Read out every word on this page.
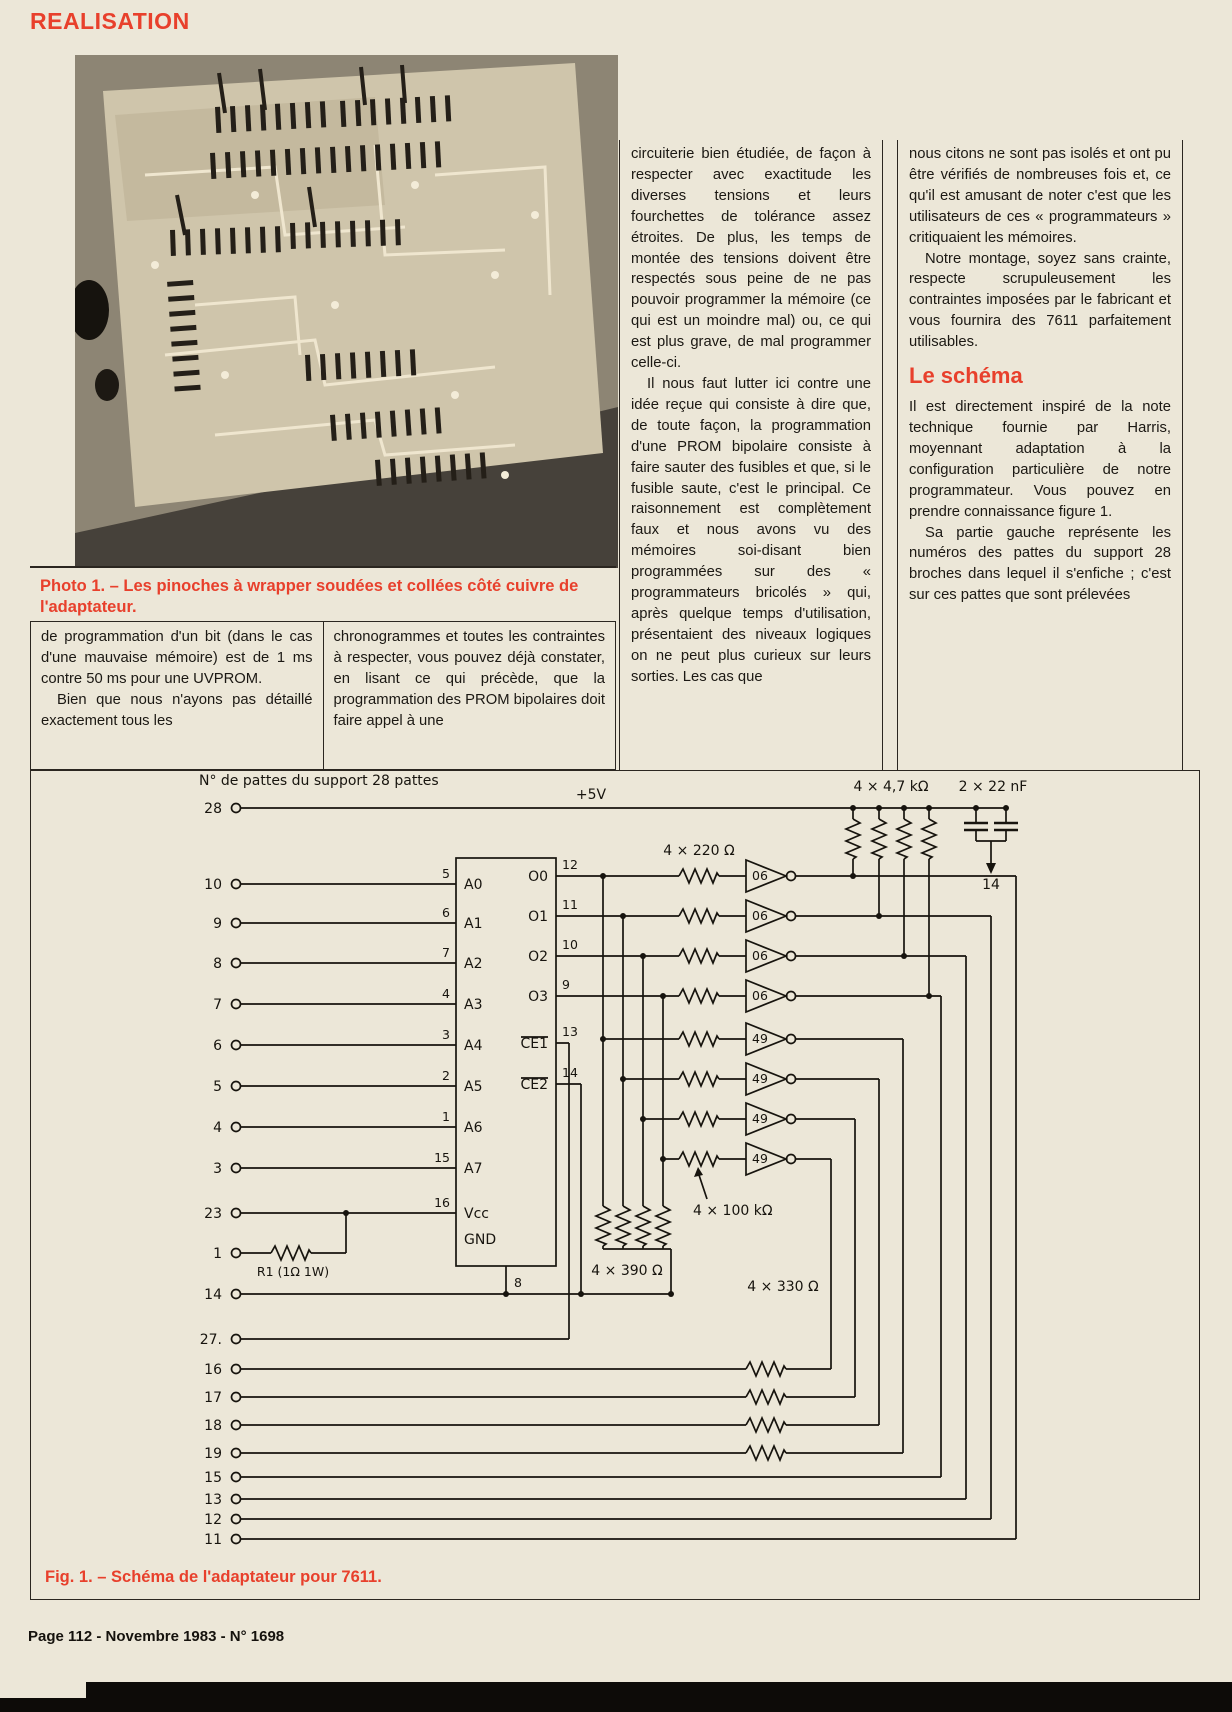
REALISATION
Photo 1. – Les pinoches à wrapper soudées et collées côté cuivre de l'adaptateur.

de programmation d'un bit (dans le cas d'une mauvaise mémoire) est de 1 ms contre 50 ms pour une UVPROM.

Bien que nous n'ayons pas détaillé exactement tous les

chronogrammes et toutes les contraintes à respecter, vous pouvez déjà constater, en lisant ce qui précède, que la programmation des PROM bipolaires doit faire appel à une

circuiterie bien étudiée, de façon à respecter avec exactitude les diverses tensions et leurs fourchettes de tolérance assez étroites. De plus, les temps de montée des tensions doivent être respectés sous peine de ne pas pouvoir programmer la mémoire (ce qui est un moindre mal) ou, ce qui est plus grave, de mal programmer celle-ci.

Il nous faut lutter ici contre une idée reçue qui consiste à dire que, de toute façon, la programmation d'une PROM bipolaire consiste à faire sauter des fusibles et que, si le fusible saute, c'est le principal. Ce raisonnement est complètement faux et nous avons vu des mémoires soi-disant bien programmées sur des « programmateurs bricolés » qui, après quelque temps d'utilisation, présentaient des niveaux logiques on ne peut plus curieux sur leurs sorties. Les cas que

nous citons ne sont pas isolés et ont pu être vérifiés de nombreuses fois et, ce qu'il est amusant de noter c'est que les utilisateurs de ces « programmateurs » critiquaient les mémoires.

Notre montage, soyez sans crainte, respecte scrupuleusement les contraintes imposées par le fabricant et vous fournira des 7611 parfaitement utilisables.

Le schéma

Il est directement inspiré de la note technique fournie par Harris, moyennant adaptation à la configuration particulière de notre programmateur. Vous pouvez en prendre connaissance figure 1.

Sa partie gauche représente les numéros des pattes du support 28 broches dans lequel il s'enfiche ; c'est sur ces pattes que sont prélevées

06
06
06
06
49
49
49
49
28
10
9
8
7
6
5
4
3
23
1
14
27.
16
17
18
19
15
13
12
11
A0
5
A1
6
A2
7
A3
4
A4
3
A5
2
A6
1
A7
15
Vcc
16
GND
8
O0
12
O1
11
O2
10
O3
9
CE1
13
CE2
14
N° de pattes du support 28 pattes
+5V	4 × 4,7 kΩ 2 × 22 nF
14
4 × 220 Ω
4 × 100 kΩ
4 × 390 Ω
4 × 330 Ω
R1 (1Ω 1W)
Fig. 1. – Schéma de l'adaptateur pour 7611.
Page 112 - Novembre 1983 - N° 1698
